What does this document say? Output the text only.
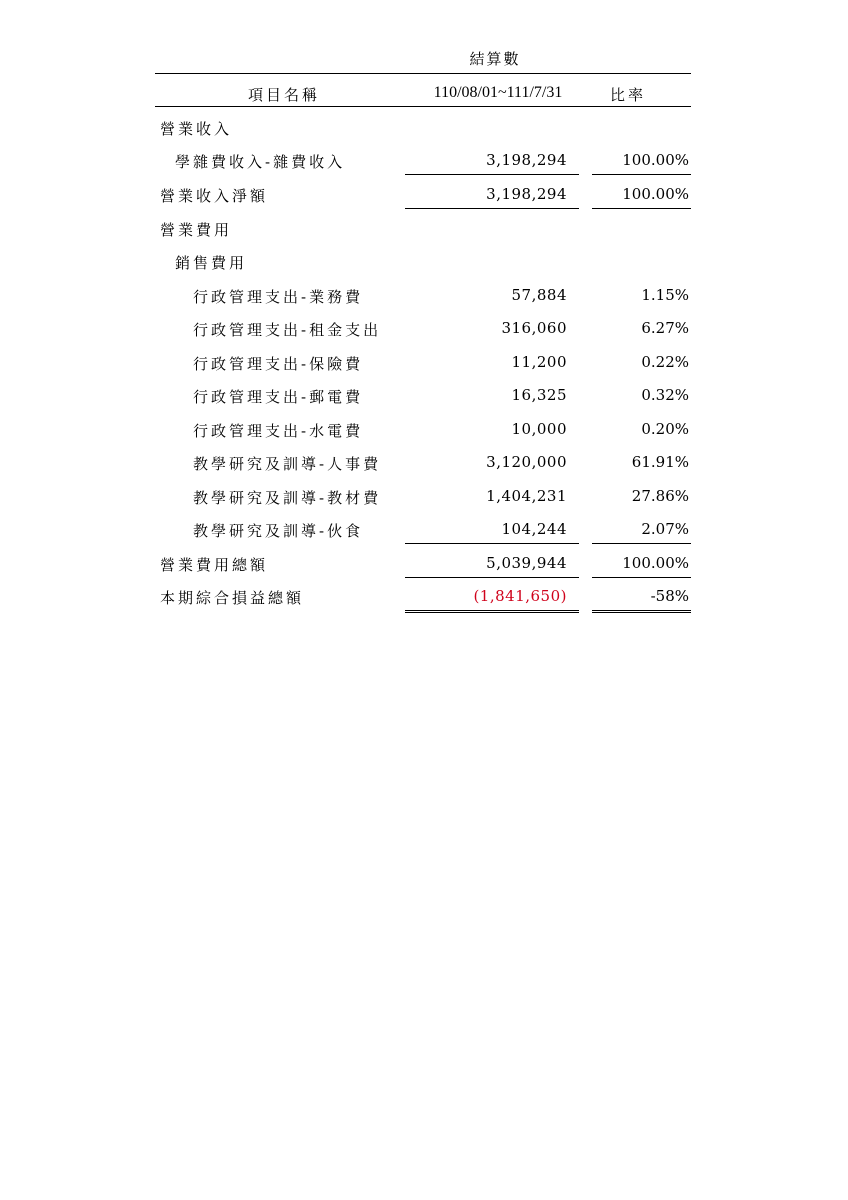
結算數
項目名稱	110/08/01~111/7/31	比率
營業收入
學雜費收入-雜費收入	3,198,294	100.00%
營業收入淨額	3,198,294	100.00%
營業費用
銷售費用
行政管理支出-業務費	57,884	1.15%
行政管理支出-租金支出	316,060	6.27%
行政管理支出-保險費	11,200	0.22%
行政管理支出-郵電費	16,325	0.32%
行政管理支出-水電費	10,000	0.20%
教學研究及訓導-人事費	3,120,000	61.91%
教學研究及訓導-教材費	1,404,231	27.86%
教學研究及訓導-伙食	104,244	2.07%
營業費用總額	5,039,944	100.00%
本期綜合損益總額	(1,841,650)	-58%
